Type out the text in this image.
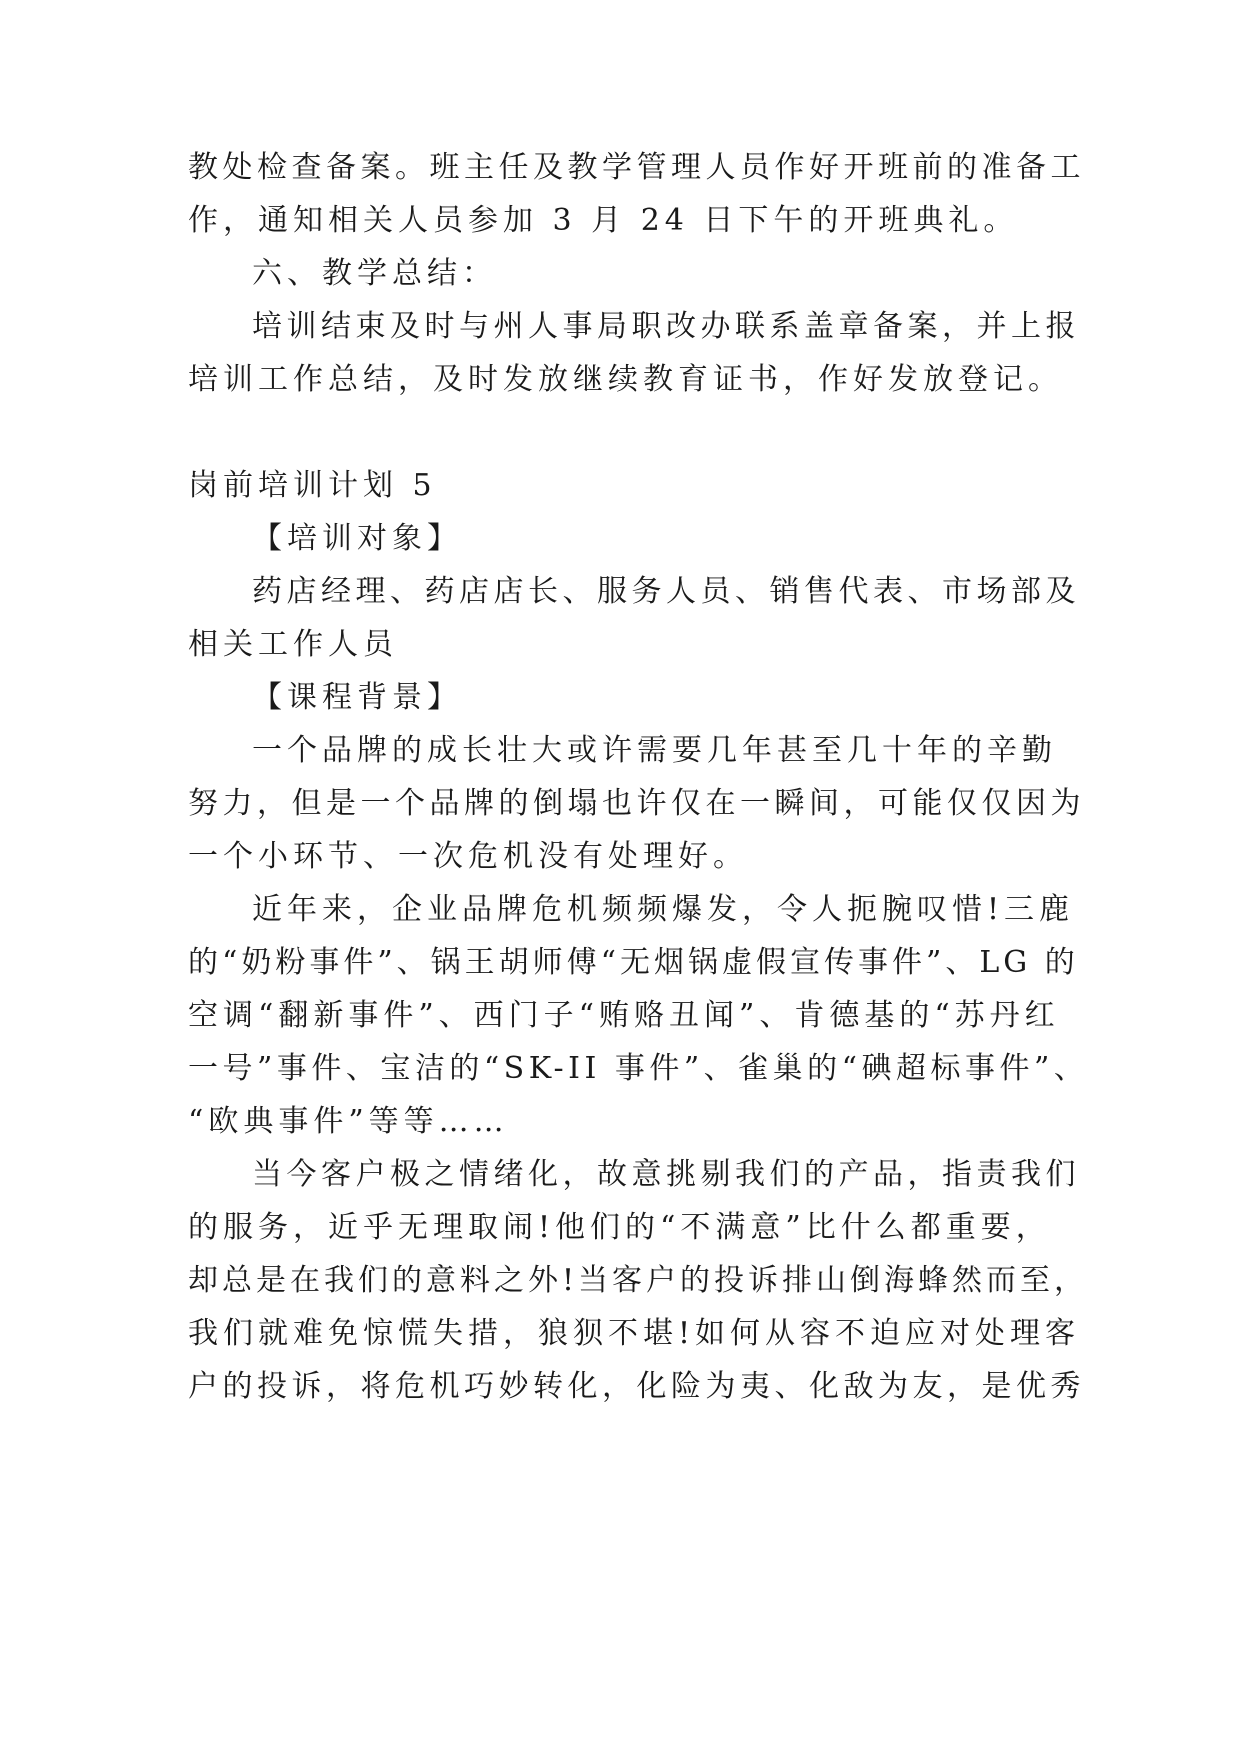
教处检查备案。班主任及教学管理人员作好开班前的准备工
作，通知相关人员参加 3 月 24 日下午的开班典礼。
六、教学总结：
培训结束及时与州人事局职改办联系盖章备案，并上报
培训工作总结，及时发放继续教育证书，作好发放登记。
岗前培训计划 5
【培训对象】
药店经理、药店店长、服务人员、销售代表、市场部及
相关工作人员
【课程背景】
一个品牌的成长壮大或许需要几年甚至几十年的辛勤
努力，但是一个品牌的倒塌也许仅在一瞬间，可能仅仅因为
一个小环节、一次危机没有处理好。
近年来，企业品牌危机频频爆发，令人扼腕叹惜!三鹿
的“奶粉事件”、锅王胡师傅“无烟锅虚假宣传事件”、LG 的
空调“翻新事件”、西门子“贿赂丑闻”、肯德基的“苏丹红
一号”事件、宝洁的“SK-II 事件”、雀巢的“碘超标事件”、
“欧典事件”等等……
当今客户极之情绪化，故意挑剔我们的产品，指责我们
的服务，近乎无理取闹!他们的“不满意”比什么都重要，
却总是在我们的意料之外!当客户的投诉排山倒海蜂然而至，
我们就难免惊慌失措，狼狈不堪!如何从容不迫应对处理客
户的投诉，将危机巧妙转化，化险为夷、化敌为友，是优秀
